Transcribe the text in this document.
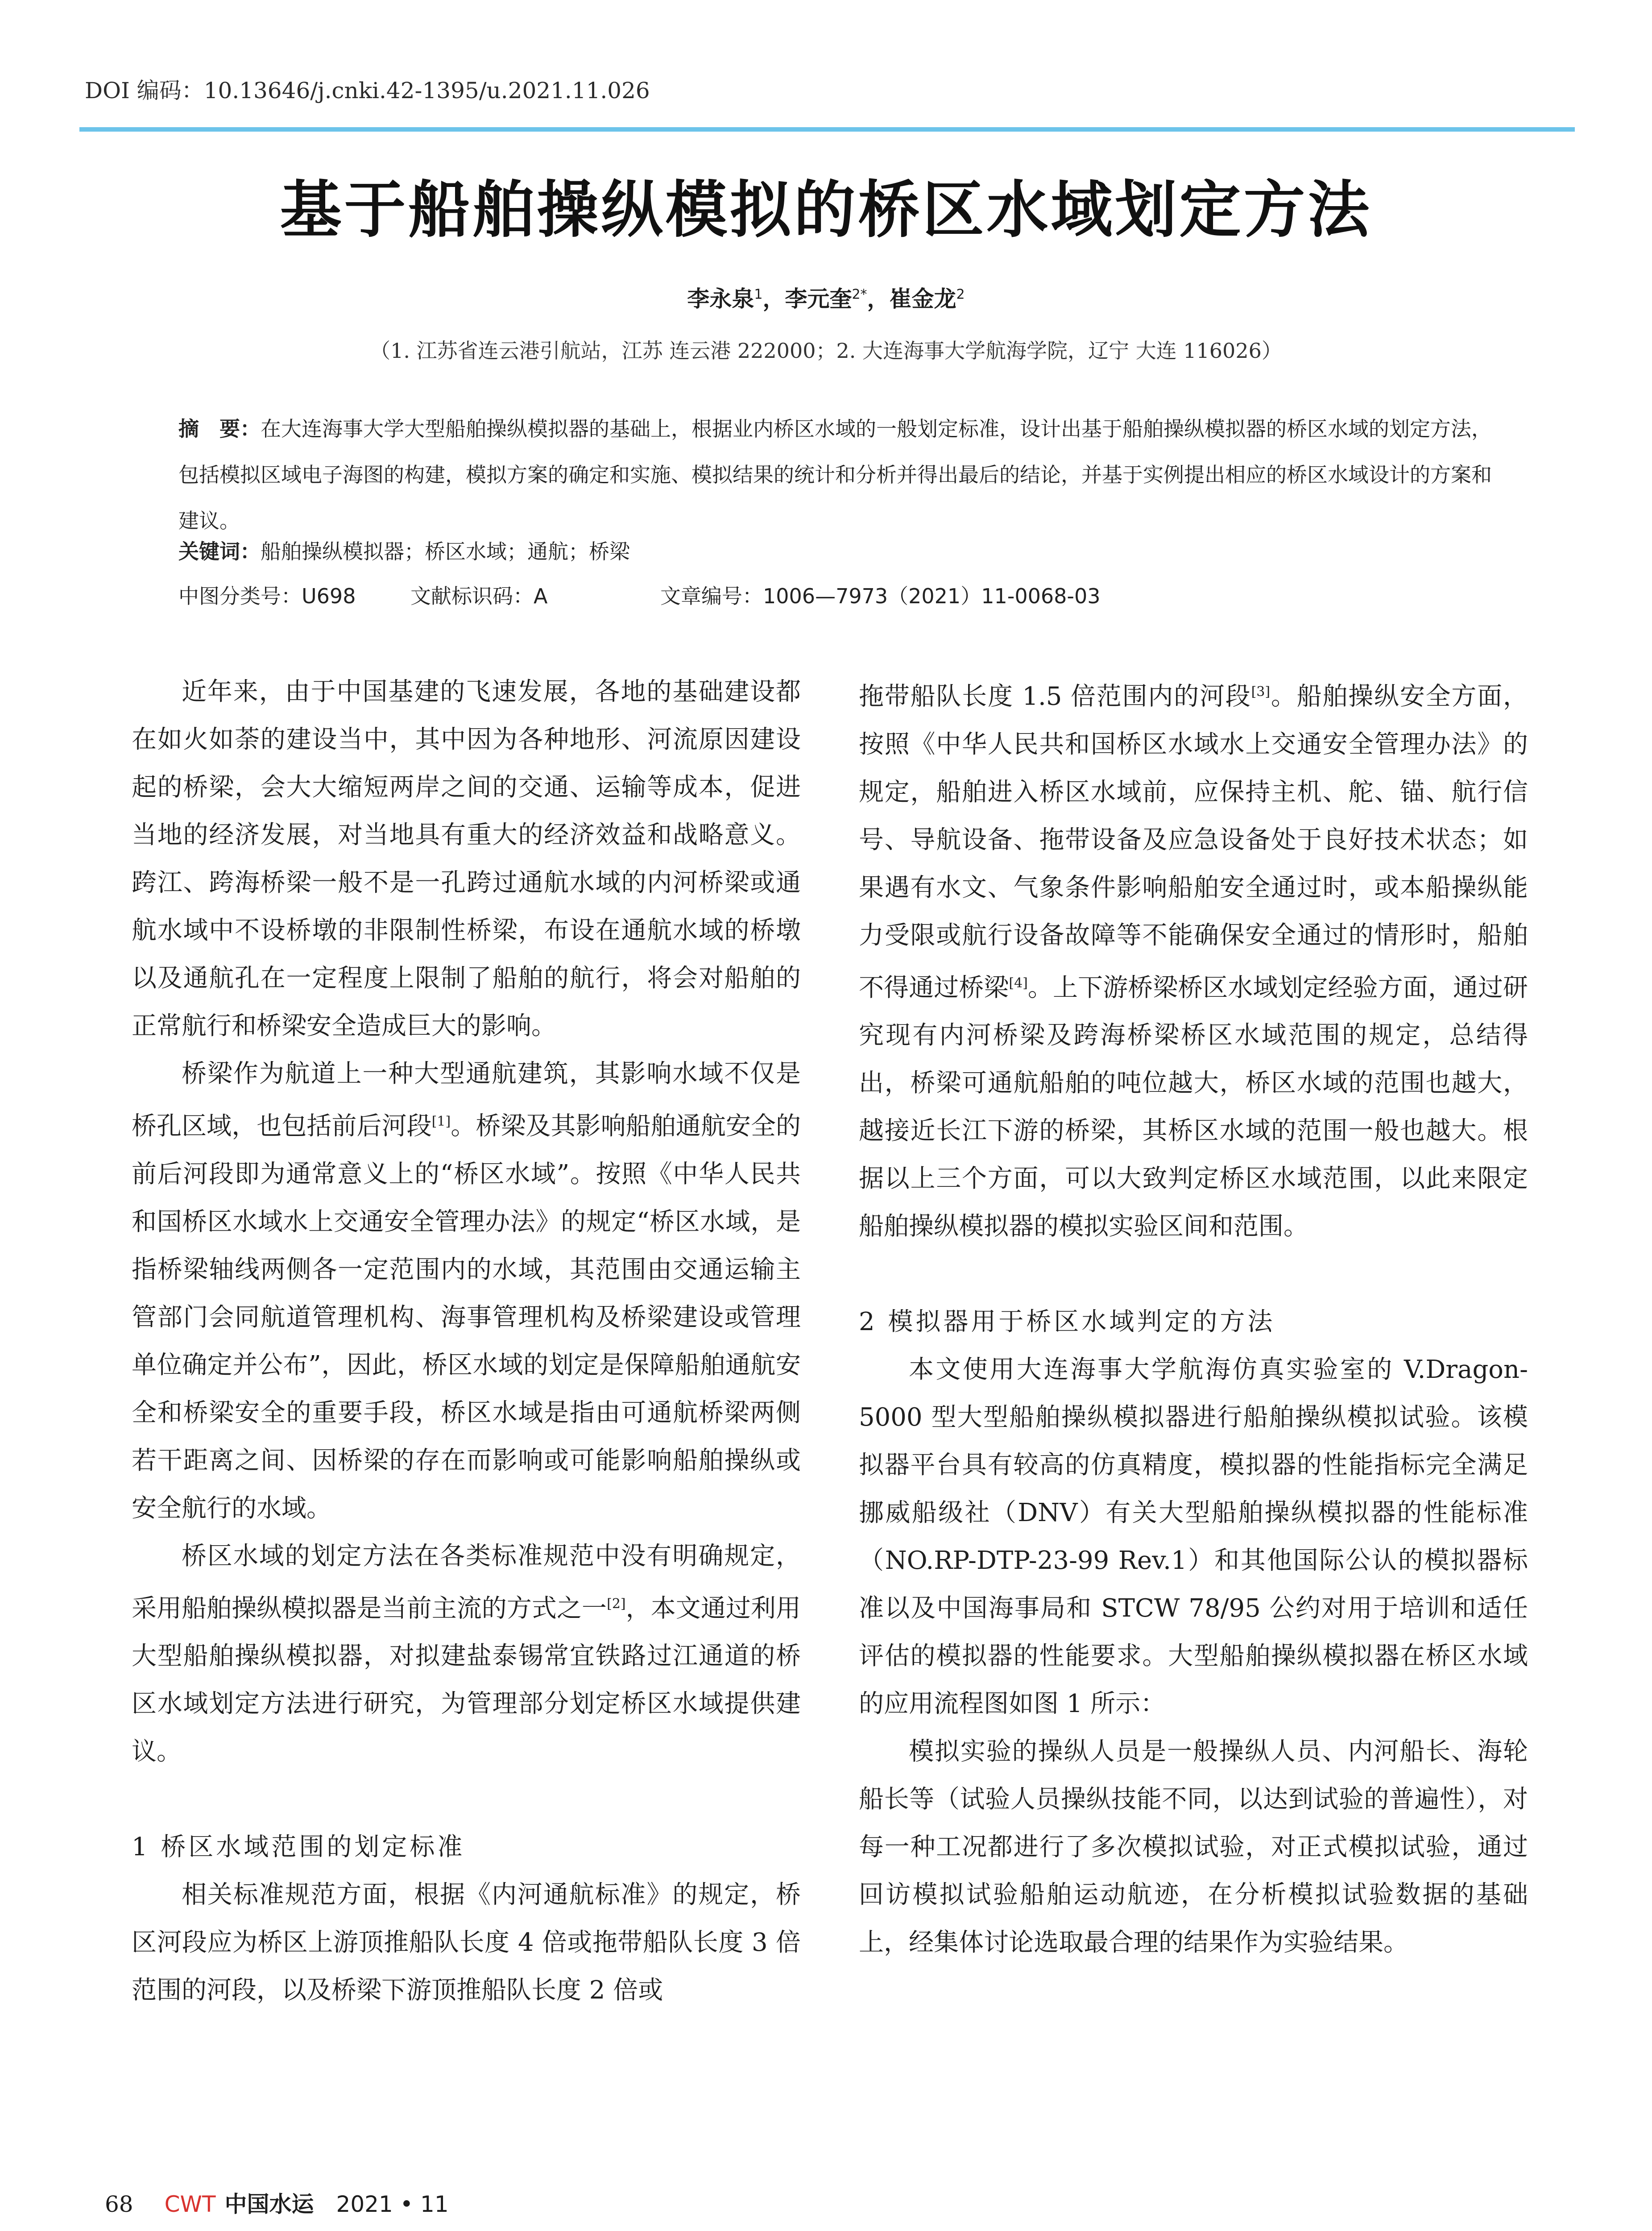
DOI 编码：10.13646/j.cnki.42-1395/u.2021.11.026
基于船舶操纵模拟的桥区水域划定方法
李永泉$^1$，李元奎$^{2*}$，崔金龙$^2$
（1. 江苏省连云港引航站，江苏 连云港 222000；2. 大连海事大学航海学院，辽宁 大连 116026）
摘　要：在大连海事大学大型船舶操纵模拟器的基础上，根据业内桥区水域的一般划定标准，设计出基于船舶操纵模拟器的桥区水域的划定方法，包括模拟区域电子海图的构建，模拟方案的确定和实施、模拟结果的统计和分析并得出最后的结论，并基于实例提出相应的桥区水域设计的方案和建议。
关键词：船舶操纵模拟器；桥区水域；通航；桥梁
中图分类号：U698	文献标识码：A	文章编号：1006—7973（2021）11-0068-03

近年来，由于中国基建的飞速发展，各地的基础建设都在如火如荼的建设当中，其中因为各种地形、河流原因建设起的桥梁，会大大缩短两岸之间的交通、运输等成本，促进当地的经济发展，对当地具有重大的经济效益和战略意义。跨江、跨海桥梁一般不是一孔跨过通航水域的内河桥梁或通航水域中不设桥墩的非限制性桥梁，布设在通航水域的桥墩以及通航孔在一定程度上限制了船舶的航行，将会对船舶的正常航行和桥梁安全造成巨大的影响。

桥梁作为航道上一种大型通航建筑，其影响水域不仅是桥孔区域，也包括前后河段[1]。桥梁及其影响船舶通航安全的前后河段即为通常意义上的“桥区水域”。按照《中华人民共和国桥区水域水上交通安全管理办法》的规定“桥区水域，是指桥梁轴线两侧各一定范围内的水域，其范围由交通运输主管部门会同航道管理机构、海事管理机构及桥梁建设或管理单位确定并公布”，因此，桥区水域的划定是保障船舶通航安全和桥梁安全的重要手段，桥区水域是指由可通航桥梁两侧若干距离之间、因桥梁的存在而影响或可能影响船舶操纵或安全航行的水域。

桥区水域的划定方法在各类标准规范中没有明确规定，采用船舶操纵模拟器是当前主流的方式之一[2]，本文通过利用大型船舶操纵模拟器，对拟建盐泰锡常宜铁路过江通道的桥区水域划定方法进行研究，为管理部分划定桥区水域提供建议。

1 桥区水域范围的划定标准

相关标准规范方面，根据《内河通航标准》的规定，桥区河段应为桥区上游顶推船队长度 4 倍或拖带船队长度 3 倍范围的河段，以及桥梁下游顶推船队长度 2 倍或

拖带船队长度 1.5 倍范围内的河段[3]。船舶操纵安全方面，按照《中华人民共和国桥区水域水上交通安全管理办法》的规定，船舶进入桥区水域前，应保持主机、舵、锚、航行信号、导航设备、拖带设备及应急设备处于良好技术状态；如果遇有水文、气象条件影响船舶安全通过时，或本船操纵能力受限或航行设备故障等不能确保安全通过的情形时，船舶不得通过桥梁[4]。上下游桥梁桥区水域划定经验方面，通过研究现有内河桥梁及跨海桥梁桥区水域范围的规定，总结得出，桥梁可通航船舶的吨位越大，桥区水域的范围也越大，越接近长江下游的桥梁，其桥区水域的范围一般也越大。根据以上三个方面，可以大致判定桥区水域范围，以此来限定船舶操纵模拟器的模拟实验区间和范围。

2 模拟器用于桥区水域判定的方法

本文使用大连海事大学航海仿真实验室的 V.Dragon-5000 型大型船舶操纵模拟器进行船舶操纵模拟试验。该模拟器平台具有较高的仿真精度，模拟器的性能指标完全满足挪威船级社（DNV）有关大型船舶操纵模拟器的性能标准（NO.RP-DTP-23-99 Rev.1）和其他国际公认的模拟器标准以及中国海事局和 STCW 78/95 公约对用于培训和适任评估的模拟器的性能要求。大型船舶操纵模拟器在桥区水域的应用流程图如图 1 所示：

模拟实验的操纵人员是一般操纵人员、内河船长、海轮船长等（试验人员操纵技能不同，以达到试验的普遍性），对每一种工况都进行了多次模拟试验，对正式模拟试验，通过回访模拟试验船舶运动航迹，在分析模拟试验数据的基础上，经集体讨论选取最合理的结果作为实验结果。

68 CWT 中国水运 2021 • 11
